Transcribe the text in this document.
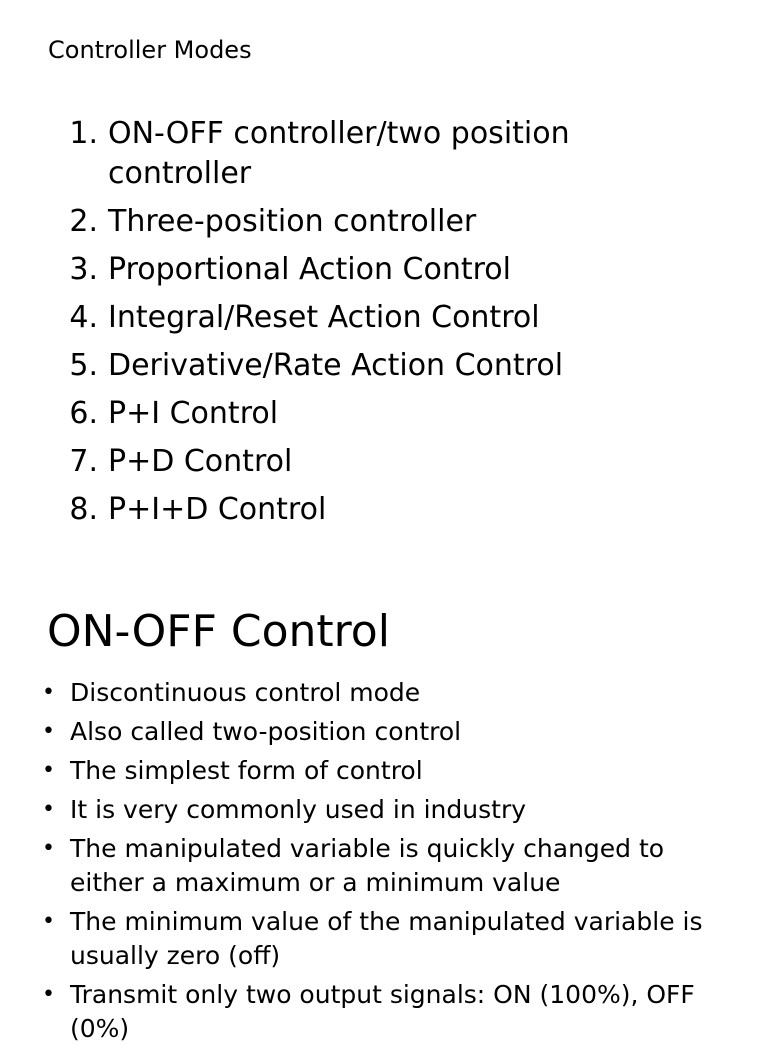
Controller Modes
1. ON-OFF controller/two position controller
2. Three-position controller
3. Proportional Action Control
4. Integral/Reset Action Control
5. Derivative/Rate Action Control
6. P+I Control
7. P+D Control
8. P+I+D Control
ON-OFF Control
• Discontinuous control mode
• Also called two-position control
• The simplest form of control
• It is very commonly used in industry
• The manipulated variable is quickly changed to either a maximum or a minimum value
• The minimum value of the manipulated variable is usually zero (off)
• Transmit only two output signals: ON (100%), OFF (0%)
